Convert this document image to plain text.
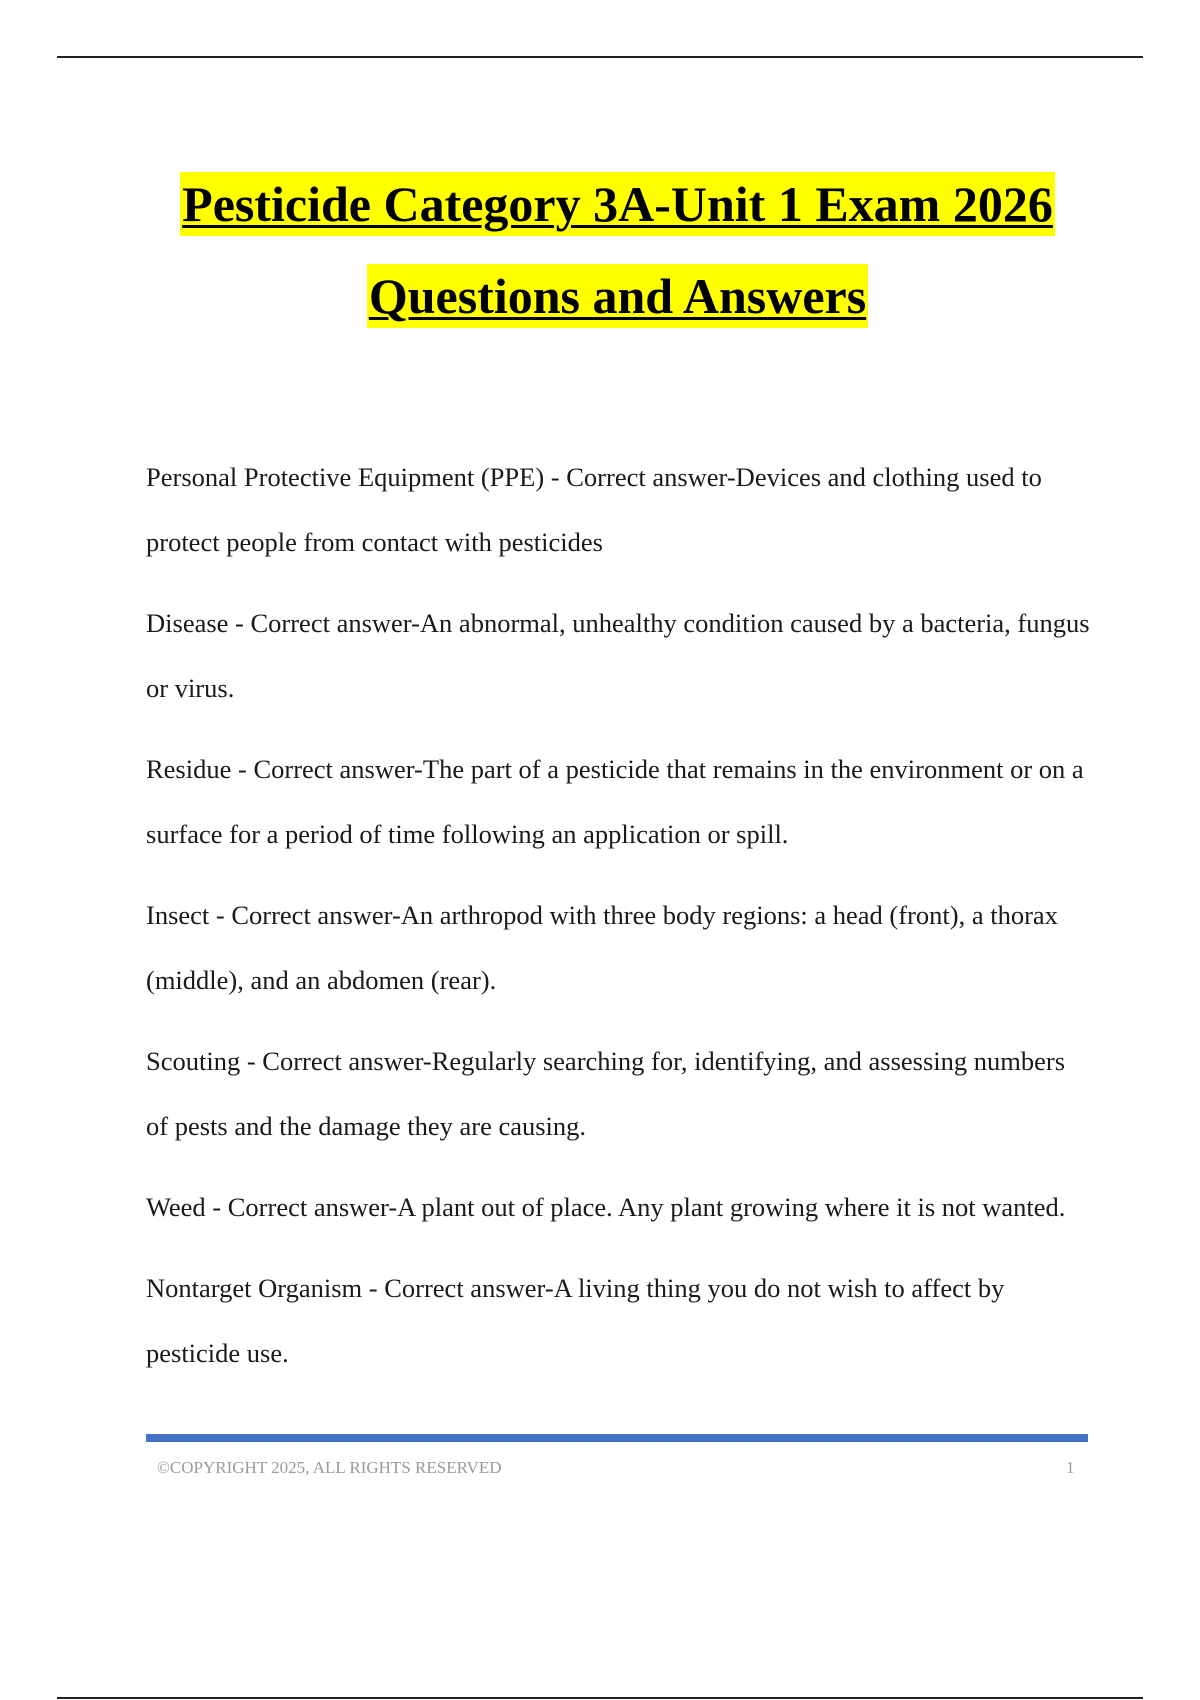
Pesticide Category 3A-Unit 1 Exam 2026
Questions and Answers

Personal Protective Equipment (PPE) - Correct answer-Devices and clothing used to protect people from contact with pesticides

Disease - Correct answer-An abnormal, unhealthy condition caused by a bacteria, fungus or virus.

Residue - Correct answer-The part of a pesticide that remains in the environment or on a surface for a period of time following an application or spill.

Insect - Correct answer-An arthropod with three body regions: a head (front), a thorax (middle), and an abdomen (rear).

Scouting - Correct answer-Regularly searching for, identifying, and assessing numbers of pests and the damage they are causing.

Weed - Correct answer-A plant out of place. Any plant growing where it is not wanted.

Nontarget Organism - Correct answer-A living thing you do not wish to affect by pesticide use.

©COPYRIGHT 2025, ALL RIGHTS RESERVED	1
